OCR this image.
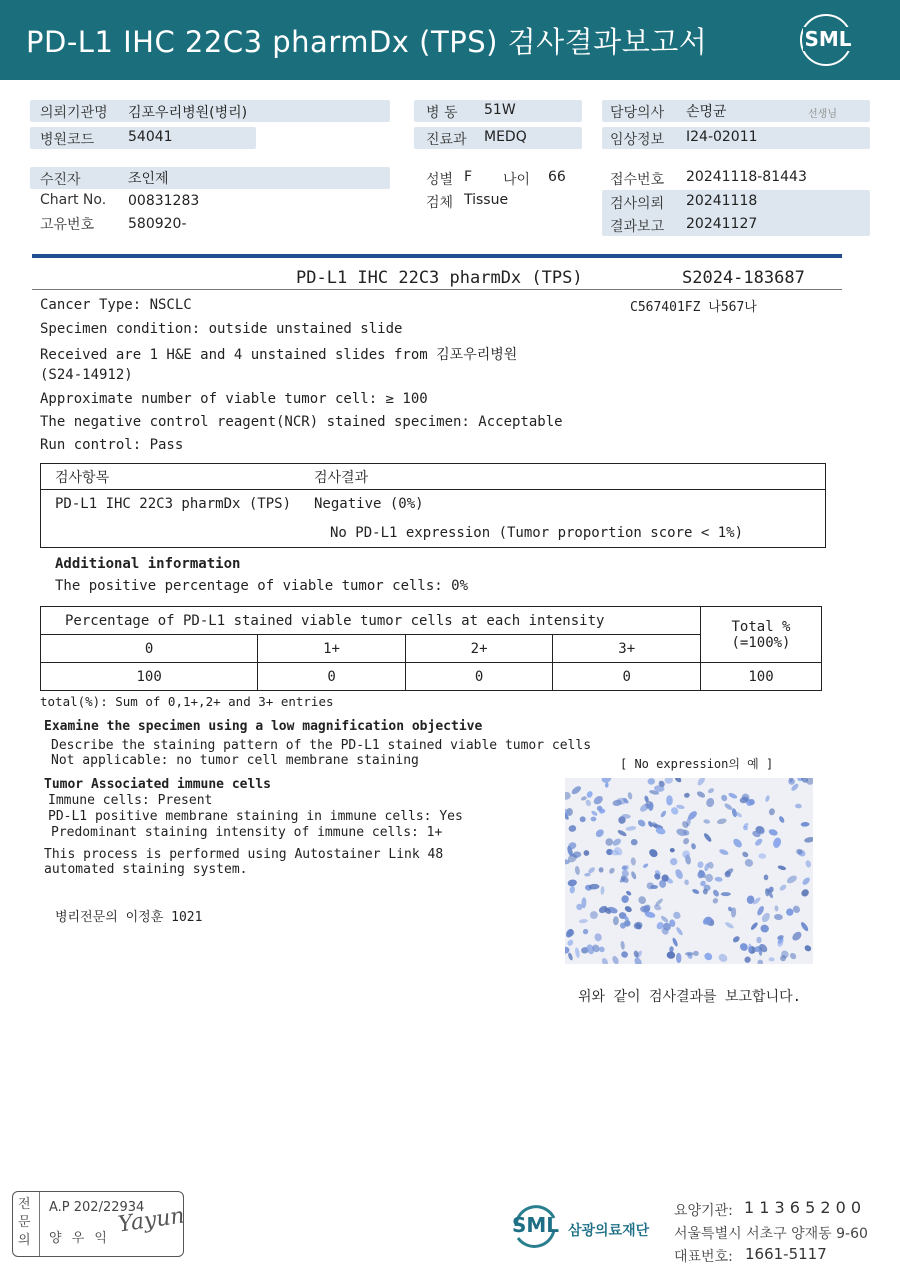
PD-L1 IHC 22C3 pharmDx (TPS) 검사결과보고서	SML
의뢰기관명 김포우리병원(병리)
병원코드 54041
수진자	조인제
Chart No. 00831283
고유번호 580920-
병 동 51W
진료과 MEDQ
성별 F 나이 66
검체 Tissue
담당의사 손명균	선생님
임상정보 I24-02011
접수번호 20241118-81443
검사의뢰 20241118
결과보고 20241127
PD-L1 IHC 22C3 pharmDx (TPS)	S2024-183687
C567401FZ 나567나
Cancer Type: NSCLC
Specimen condition: outside unstained slide
Received are 1 H&E and 4 unstained slides from 김포우리병원
(S24-14912)
Approximate number of viable tumor cell: ≥ 100
The negative control reagent(NCR) stained specimen: Acceptable
Run control: Pass
검사항목	검사결과
PD-L1 IHC 22C3 pharmDx (TPS) Negative (0%)
No PD-L1 expression (Tumor proportion score < 1%)
Additional information
The positive percentage of viable tumor cells: 0%
Percentage of PD-L1 stained viable tumor cells at each intensity				Total %
(=100%)

0	1+	2+	3+	
100	0	0	0	100
total(%): Sum of 0,1+,2+ and 3+ entries
Examine the specimen using a low magnification objective
Describe the staining pattern of the PD-L1 stained viable tumor cells
Not applicable: no tumor cell membrane staining	[ No expression의 예 ]
Tumor Associated immune cells
Immune cells: Present
PD-L1 positive membrane staining in immune cells: Yes
Predominant staining intensity of immune cells: 1+
This process is performed using Autostainer Link 48
automated staining system.
병리전문의 이정훈 1021
위와 같이 검사결과를 보고합니다.
전
문
의
A.P 202/22934
양 우 익
Yayun	SML 삼광의료재단
요양기관: 1 1 3 6 5 2 0 0
서울특별시 서초구 양재동 9-60
대표번호: 1661-5117
